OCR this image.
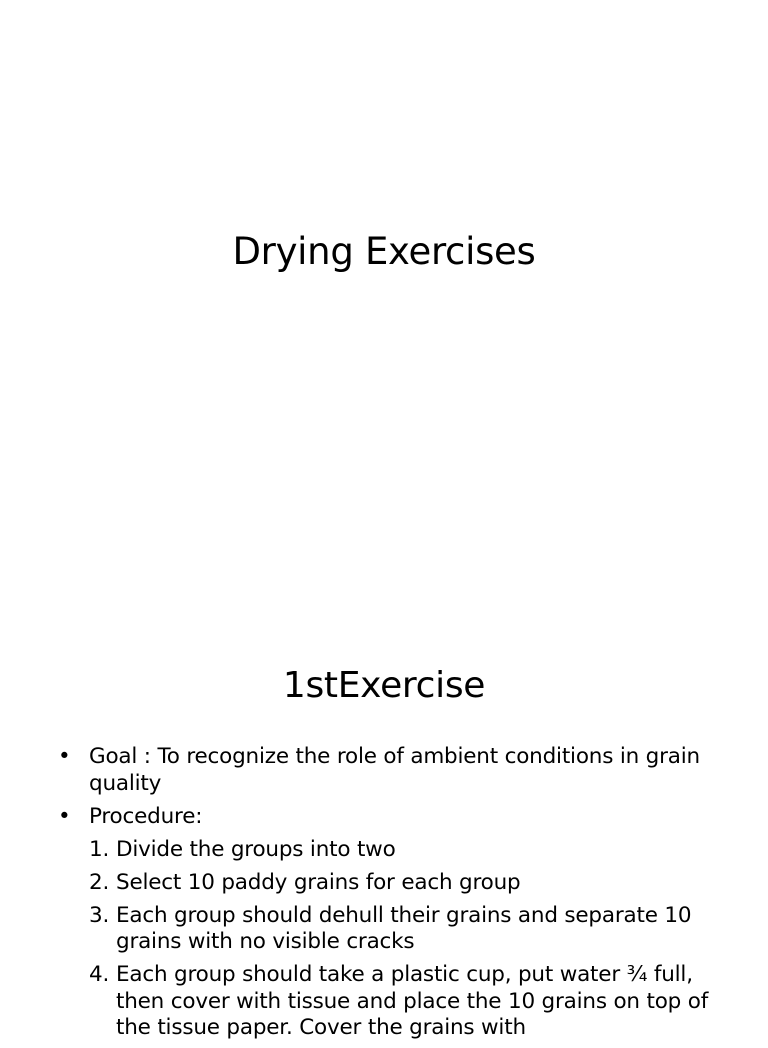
Drying Exercises
1stExercise
• Goal : To recognize the role of ambient conditions in grain quality
• Procedure:
1. Divide the groups into two
2. Select 10 paddy grains for each group
3. Each group should dehull their grains and separate 10 grains with no visible cracks
4. Each group should take a plastic cup, put water ¾ full, then cover with tissue and place the 10 grains on top of the tissue paper. Cover the grains with
